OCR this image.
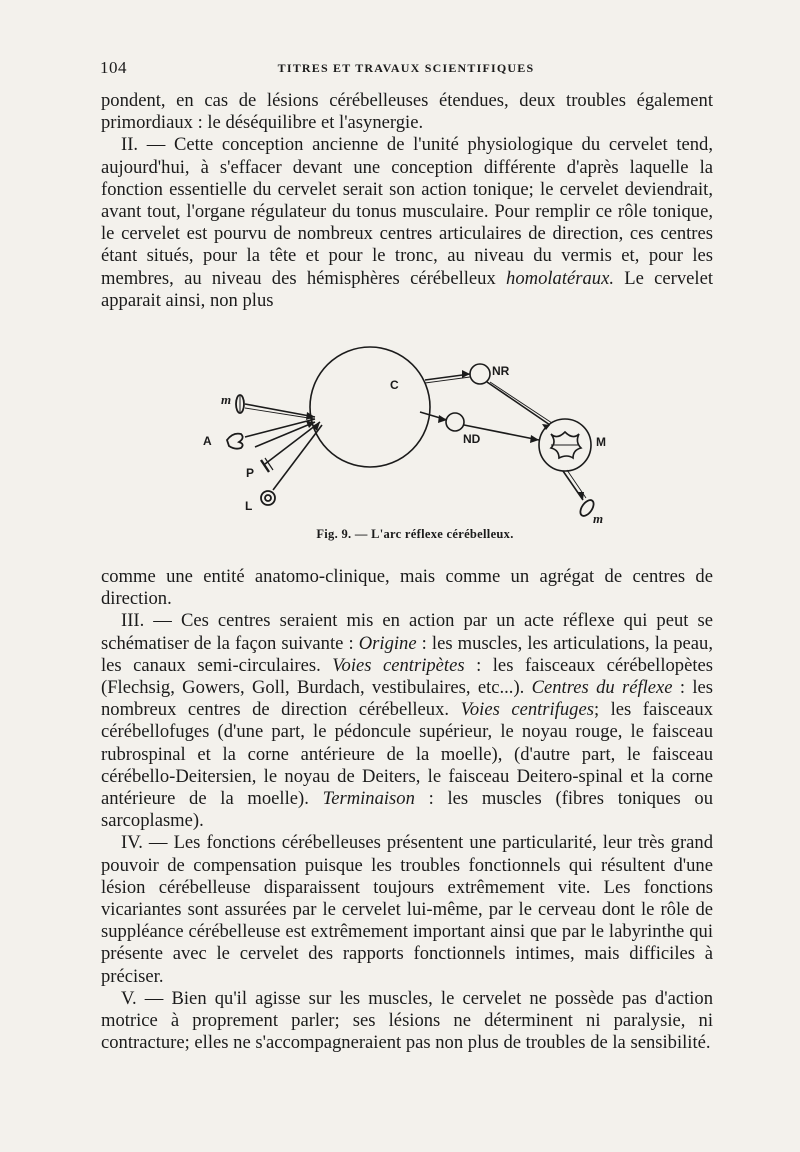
104	TITRES ET TRAVAUX SCIENTIFIQUES

pondent, en cas de lésions cérébelleuses étendues, deux troubles également primordiaux : le déséquilibre et l'asynergie.

II. — Cette conception ancienne de l'unité physiologique du cervelet tend, aujourd'hui, à s'effacer devant une conception différente d'après laquelle la fonction essentielle du cervelet serait son action tonique; le cervelet deviendrait, avant tout, l'organe régulateur du tonus musculaire. Pour remplir ce rôle tonique, le cervelet est pourvu de nombreux centres articulaires de direction, ces centres étant situés, pour la tête et pour le tronc, au niveau du vermis et, pour les membres, au niveau des hémisphères cérébelleux homolatéraux. Le cervelet apparait ainsi, non plus

C
NR
ND	M
m
m
A
P
L
Fig. 9. — L'arc réflexe cérébelleux.

comme une entité anatomo-clinique, mais comme un agrégat de centres de direction.

III. — Ces centres seraient mis en action par un acte réflexe qui peut se schématiser de la façon suivante : Origine : les muscles, les articulations, la peau, les canaux semi-circulaires. Voies centripètes : les faisceaux cérébellopètes (Flechsig, Gowers, Goll, Burdach, vestibulaires, etc...). Centres du réflexe : les nombreux centres de direction cérébelleux. Voies centrifuges; les faisceaux cérébellofuges (d'une part, le pédoncule supérieur, le noyau rouge, le faisceau rubrospinal et la corne antérieure de la moelle), (d'autre part, le faisceau cérébello-Deitersien, le noyau de Deiters, le faisceau Deitero-spinal et la corne antérieure de la moelle). Terminaison : les muscles (fibres toniques ou sarcoplasme).

IV. — Les fonctions cérébelleuses présentent une particularité, leur très grand pouvoir de compensation puisque les troubles fonctionnels qui résultent d'une lésion cérébelleuse disparaissent toujours extrêmement vite. Les fonctions vicariantes sont assurées par le cervelet lui-même, par le cerveau dont le rôle de suppléance cérébelleuse est extrêmement important ainsi que par le labyrinthe qui présente avec le cervelet des rapports fonctionnels intimes, mais difficiles à préciser.

V. — Bien qu'il agisse sur les muscles, le cervelet ne possède pas d'action motrice à proprement parler; ses lésions ne déterminent ni paralysie, ni contracture; elles ne s'accompagneraient pas non plus de troubles de la sensibilité.
